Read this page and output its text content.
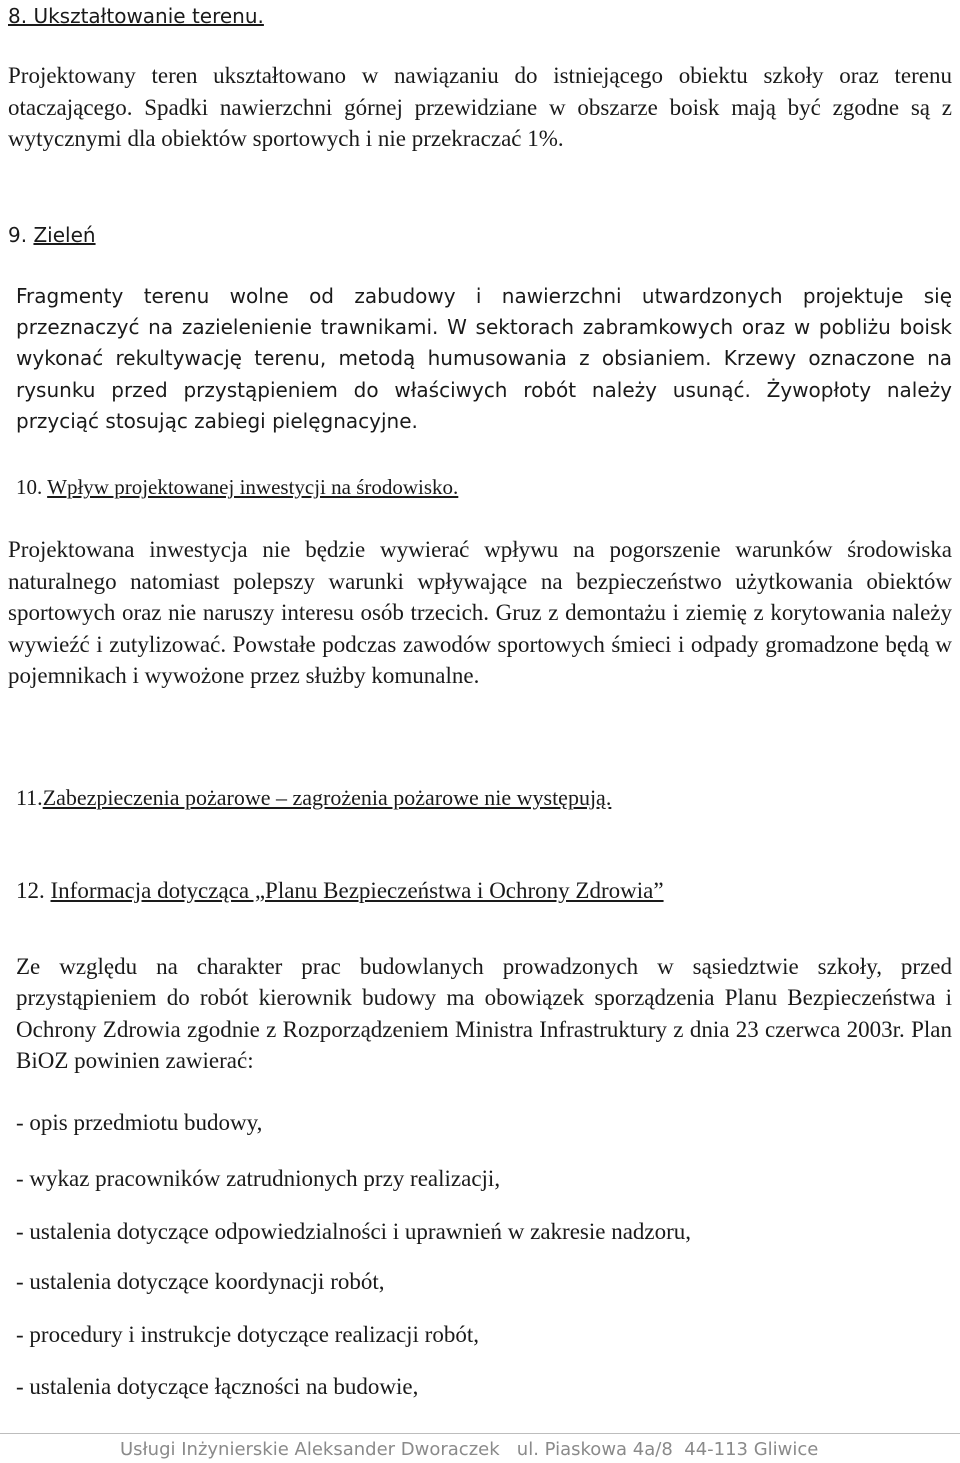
8. Ukształtowanie terenu.
Projektowany teren ukształtowano w nawiązaniu do istniejącego obiektu szkoły oraz terenu otaczającego. Spadki nawierzchni górnej przewidziane w obszarze boisk mają być zgodne są z wytycznymi dla obiektów sportowych i nie przekraczać 1%.
9. Zieleń
Fragmenty terenu wolne od zabudowy i nawierzchni utwardzonych projektuje się przeznaczyć na zazielenienie trawnikami. W sektorach zabramkowych oraz w pobliżu boisk wykonać rekultywację terenu, metodą humusowania z obsianiem. Krzewy oznaczone na rysunku przed przystąpieniem do właściwych robót należy usunąć. Żywopłoty należy przyciąć stosując zabiegi pielęgnacyjne.
10. Wpływ projektowanej inwestycji na środowisko.
Projektowana inwestycja nie będzie wywierać wpływu na pogorszenie warunków środowiska naturalnego natomiast polepszy warunki wpływające na bezpieczeństwo użytkowania obiektów sportowych oraz nie naruszy interesu osób trzecich. Gruz z demontażu i ziemię z korytowania należy wywieźć i zutylizować. Powstałe podczas zawodów sportowych śmieci i odpady gromadzone będą w pojemnikach i wywożone przez służby komunalne.
11.Zabezpieczenia pożarowe – zagrożenia pożarowe nie występują.
12. Informacja dotycząca „Planu Bezpieczeństwa i Ochrony Zdrowia”
Ze względu na charakter prac budowlanych prowadzonych w sąsiedztwie szkoły, przed przystąpieniem do robót kierownik budowy ma obowiązek sporządzenia Planu Bezpieczeństwa i Ochrony Zdrowia zgodnie z Rozporządzeniem Ministra Infrastruktury z dnia 23 czerwca 2003r. Plan BiOZ powinien zawierać:
- opis przedmiotu budowy,
- wykaz pracowników zatrudnionych przy realizacji,
- ustalenia dotyczące odpowiedzialności i uprawnień w zakresie nadzoru,
- ustalenia dotyczące koordynacji robót,
- procedury i instrukcje dotyczące realizacji robót,
- ustalenia dotyczące łączności na budowie,
Usługi Inżynierskie Aleksander Dworaczek   ul. Piaskowa 4a/8  44-113 Gliwice
